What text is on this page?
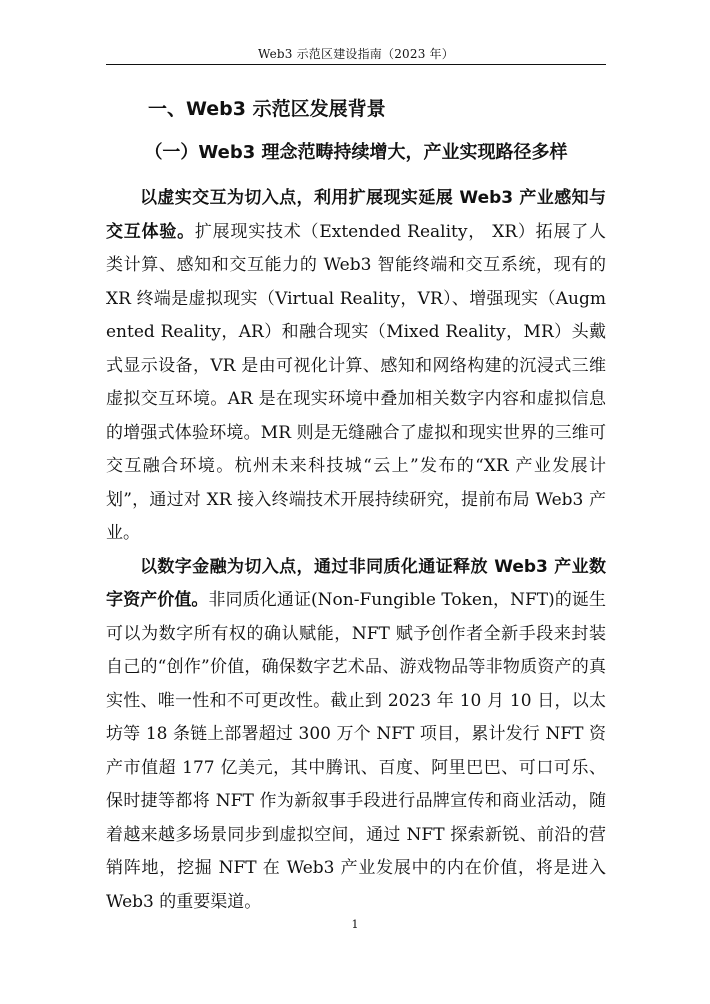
Web3 示范区建设指南（2023 年）
一、Web3 示范区发展背景
（一）Web3 理念范畴持续增大，产业实现路径多样

以虚实交互为切入点，利用扩展现实延展 Web3 产业感知与交互体验。扩展现实技术（Extended Reality， XR）拓展了人类计算、感知和交互能力的 Web3 智能终端和交互系统，现有的 XR 终端是虚拟现实（Virtual Reality，VR）、增强现实（Augmented Reality，AR）和融合现实（Mixed Reality，MR）头戴式显示设备，VR 是由可视化计算、感知和网络构建的沉浸式三维虚拟交互环境。AR 是在现实环境中叠加相关数字内容和虚拟信息的增强式体验环境。MR 则是无缝融合了虚拟和现实世界的三维可交互融合环境。杭州未来科技城“云上”发布的“XR 产业发展计划”，通过对 XR 接入终端技术开展持续研究，提前布局 Web3 产业。

以数字金融为切入点，通过非同质化通证释放 Web3 产业数字资产价值。非同质化通证(Non-Fungible Token，NFT)的诞生可以为数字所有权的确认赋能，NFT 赋予创作者全新手段来封装自己的“创作”价值，确保数字艺术品、游戏物品等非物质资产的真实性、唯一性和不可更改性。截止到 2023 年 10 月 10 日，以太坊等 18 条链上部署超过 300 万个 NFT 项目，累计发行 NFT 资产市值超 177 亿美元，其中腾讯、百度、阿里巴巴、可口可乐、保时捷等都将 NFT 作为新叙事手段进行品牌宣传和商业活动，随着越来越多场景同步到虚拟空间，通过 NFT 探索新锐、前沿的营销阵地，挖掘 NFT 在 Web3 产业发展中的内在价值，将是进入 Web3 的重要渠道。

1
